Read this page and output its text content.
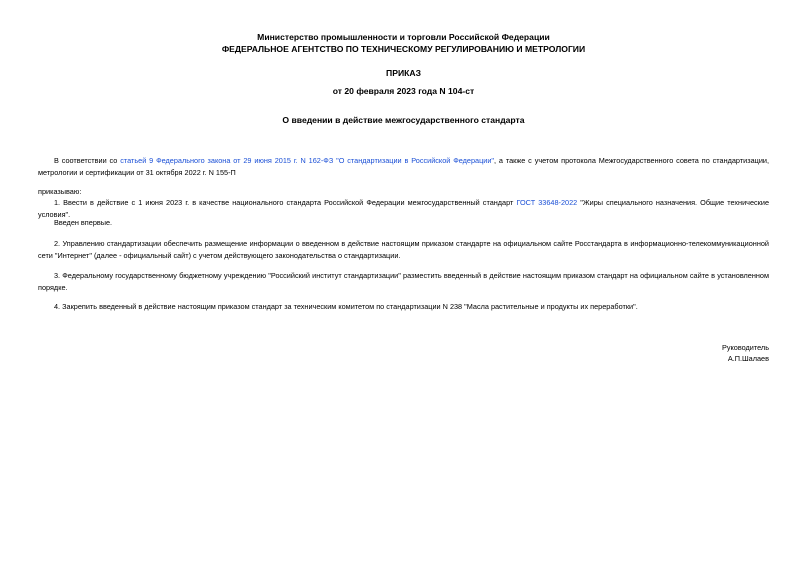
Министерство промышленности и торговли Российской Федерации
ФЕДЕРАЛЬНОЕ АГЕНТСТВО ПО ТЕХНИЧЕСКОМУ РЕГУЛИРОВАНИЮ И МЕТРОЛОГИИ
ПРИКАЗ
от 20 февраля 2023 года N 104-ст
О введении в действие межгосударственного стандарта
В соответствии со статьей 9 Федерального закона от 29 июня 2015 г. N 162-ФЗ "О стандартизации в Российской Федерации", а также с учетом протокола Межгосударственного совета по стандартизации, метрологии и сертификации от 31 октября 2022 г. N 155-П
приказываю:
1. Ввести в действие с 1 июня 2023 г. в качестве национального стандарта Российской Федерации межгосударственный стандарт ГОСТ 33648-2022 "Жиры специального назначения. Общие технические условия".
Введен впервые.
2. Управлению стандартизации обеспечить размещение информации о введенном в действие настоящим приказом стандарте на официальном сайте Росстандарта в информационно-телекоммуникационной сети "Интернет" (далее - официальный сайт) с учетом действующего законодательства о стандартизации.
3. Федеральному государственному бюджетному учреждению "Российский институт стандартизации" разместить введенный в действие настоящим приказом стандарт на официальном сайте в установленном порядке.
4. Закрепить введенный в действие настоящим приказом стандарт за техническим комитетом по стандартизации N 238 "Масла растительные и продукты их переработки".
Руководитель
А.П.Шалаев
